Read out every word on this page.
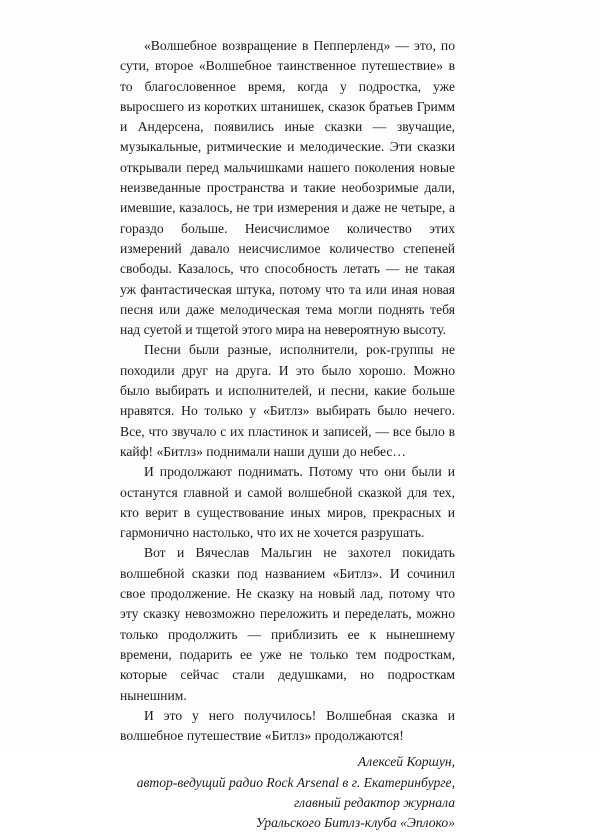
«Волшебное возвращение в Пепперленд» — это, по сути, второе «Волшебное таинственное путешествие» в то благословенное время, когда у подростка, уже выросшего из коротких штанишек, сказок братьев Гримм и Андерсена, появились иные сказки — звучащие, музыкальные, ритмические и мелодические. Эти сказки открывали перед мальчишками нашего поколения новые неизведанные пространства и такие необозримые дали, имевшие, казалось, не три измерения и даже не четыре, а гораздо больше. Неисчислимое количество этих измерений давало неисчислимое количество степеней свободы. Казалось, что способность летать — не такая уж фантастическая штука, потому что та или иная новая песня или даже мелодическая тема могли поднять тебя над суетой и тщетой этого мира на невероятную высоту.

Песни были разные, исполнители, рок-группы не походили друг на друга. И это было хорошо. Можно было выбирать и исполнителей, и песни, какие больше нравятся. Но только у «Битлз» выбирать было нечего. Все, что звучало с их пластинок и записей, — все было в кайф! «Битлз» поднимали наши души до небес…

И продолжают поднимать. Потому что они были и останутся главной и самой волшебной сказкой для тех, кто верит в существование иных миров, прекрасных и гармонично настолько, что их не хочется разрушать.

Вот и Вячеслав Мальгин не захотел покидать волшебной сказки под названием «Битлз». И сочинил свое продолжение. Не сказку на новый лад, потому что эту сказку невозможно переложить и переделать, можно только продолжить — приблизить ее к нынешнему времени, подарить ее уже не только тем подросткам, которые сейчас стали дедушками, но подросткам нынешним.

И это у него получилось! Волшебная сказка и волшебное путешествие «Битлз» продолжаются!

Алексей Коршун,
автор-ведущий радио Rock Arsenal в г. Екатеринбурге,
главный редактор журнала
Уральского Битлз-клуба «Эплоко»
